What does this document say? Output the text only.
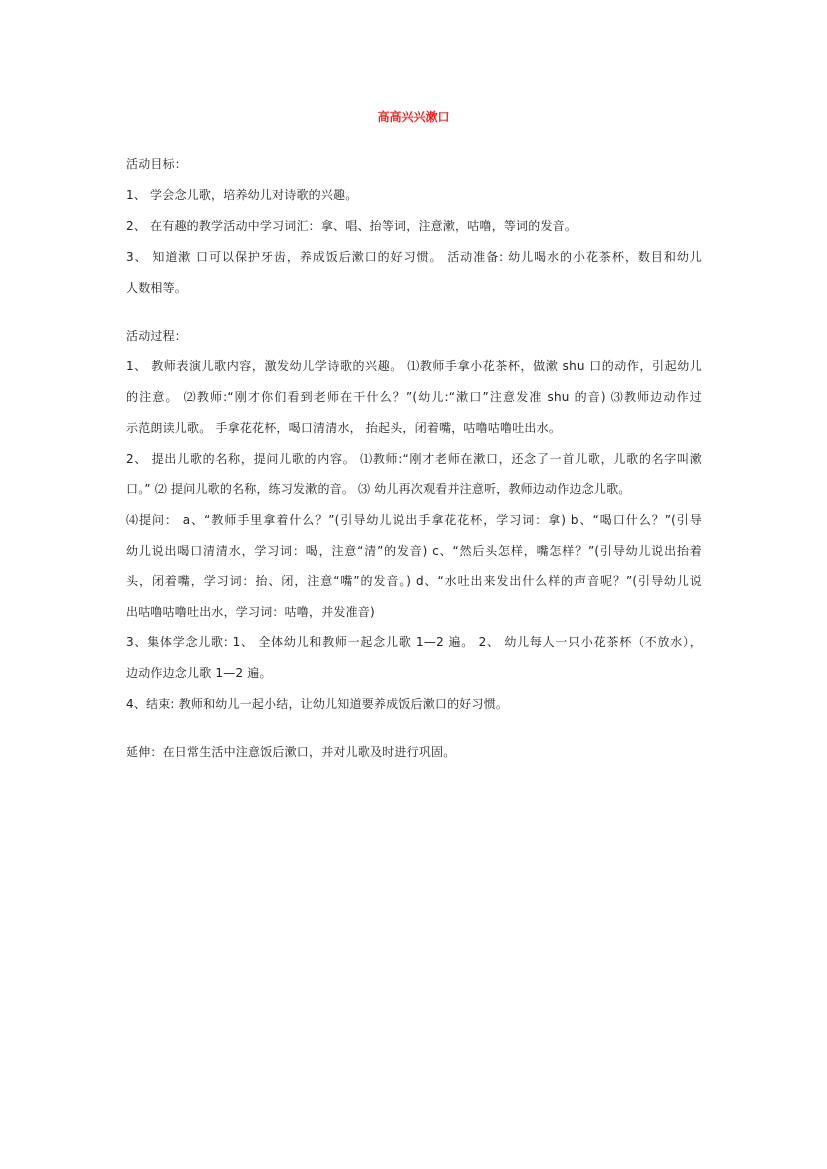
高高兴兴漱口
活动目标：
1、 学会念儿歌，培养幼儿对诗歌的兴趣。
2、 在有趣的教学活动中学习词汇：拿、唱、抬等词，注意漱，咕噜，等词的发音。
3、 知道漱 口可以保护牙齿，养成饭后漱口的好习惯。 活动准备: 幼儿喝水的小花茶杯，数目和幼儿
人数相等。
活动过程：
1、 教师表演儿歌内容，激发幼儿学诗歌的兴趣。 ⑴教师手拿小花茶杯，做漱 shu 口的动作，引起幼儿
的注意。 ⑵教师:“刚才你们看到老师在干什么？”(幼儿:“漱口”注意发准 shu 的音) ⑶教师边动作过
示范朗读儿歌。 手拿花花杯，喝口清清水， 抬起头，闭着嘴，咕噜咕噜吐出水。
2、 提出儿歌的名称，提问儿歌的内容。 ⑴教师:“刚才老师在漱口，还念了一首儿歌，儿歌的名字叫漱
口。” ⑵ 提问儿歌的名称，练习发漱的音。 ⑶ 幼儿再次观看并注意听，教师边动作边念儿歌。
⑷提问： a、“教师手里拿着什么？”(引导幼儿说出手拿花花杯，学习词：拿) b、“喝口什么？”(引导
幼儿说出喝口清清水，学习词：喝，注意“清”的发音) c、“然后头怎样，嘴怎样？”(引导幼儿说出抬着
头，闭着嘴，学习词：抬、闭，注意“嘴”的发音。) d、“水吐出来发出什么样的声音呢？”(引导幼儿说
出咕噜咕噜吐出水，学习词：咕噜，并发准音)
3、集体学念儿歌: 1、 全体幼儿和教师一起念儿歌 1—2 遍。 2、 幼儿每人一只小花茶杯（不放水），
边动作边念儿歌 1—2 遍。
4、结束: 教师和幼儿一起小结，让幼儿知道要养成饭后漱口的好习惯。
延伸：在日常生活中注意饭后漱口，并对儿歌及时进行巩固。
